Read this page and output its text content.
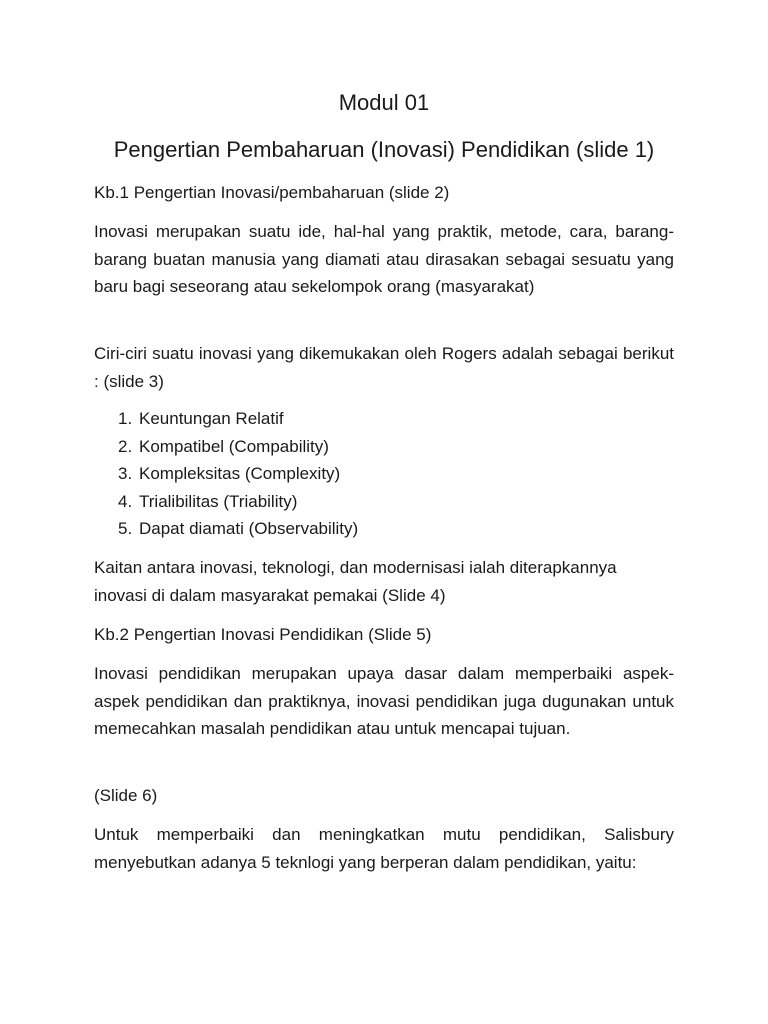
Modul 01
Pengertian Pembaharuan (Inovasi) Pendidikan (slide 1)

Kb.1 Pengertian Inovasi/pembaharuan (slide 2)

Inovasi merupakan suatu ide, hal-hal yang praktik, metode, cara, barang-barang buatan manusia yang diamati atau dirasakan sebagai sesuatu yang baru bagi seseorang atau sekelompok orang (masyarakat)

Ciri-ciri suatu inovasi yang dikemukakan oleh Rogers adalah sebagai berikut : (slide 3)

1. Keuntungan Relatif
2. Kompatibel (Compability)
3. Kompleksitas (Complexity)
4. Trialibilitas (Triability)
5. Dapat diamati (Observability)

Kaitan antara inovasi, teknologi, dan modernisasi ialah diterapkannya inovasi di dalam masyarakat pemakai (Slide 4)

Kb.2 Pengertian Inovasi Pendidikan (Slide 5)

Inovasi pendidikan merupakan upaya dasar dalam memperbaiki aspek-aspek pendidikan dan praktiknya, inovasi pendidikan juga dugunakan untuk memecahkan masalah pendidikan atau untuk mencapai tujuan.

(Slide 6)

Untuk memperbaiki dan meningkatkan mutu pendidikan, Salisbury menyebutkan adanya 5 teknlogi yang berperan dalam pendidikan, yaitu:
